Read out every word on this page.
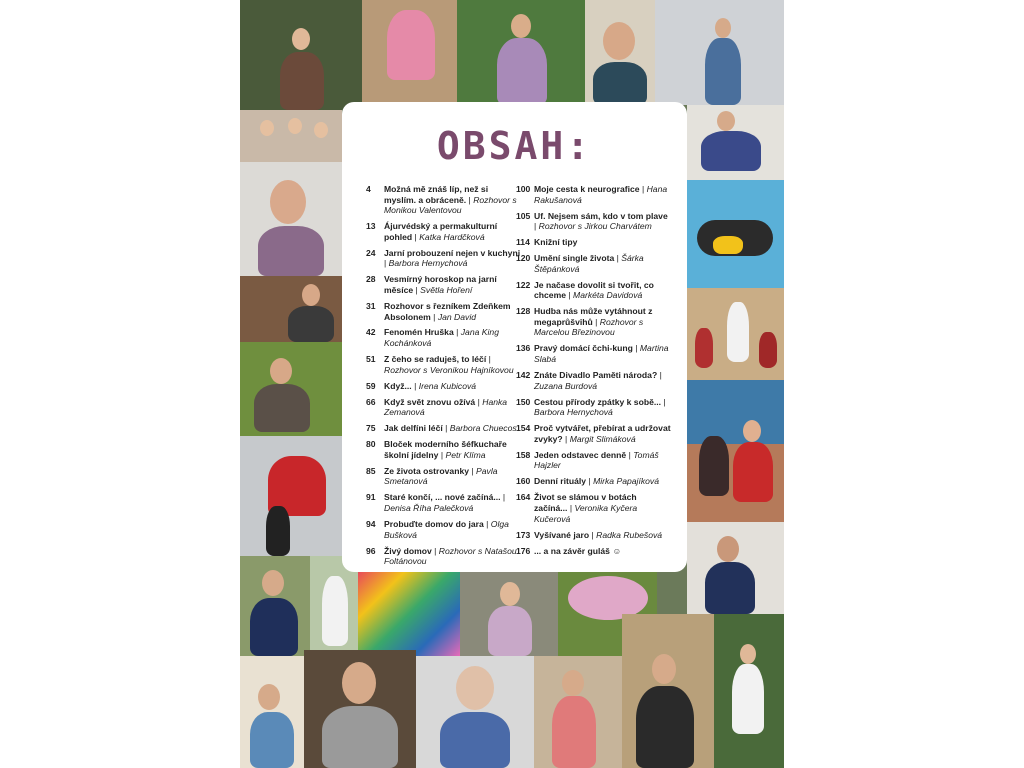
OBSAH:
4	Možná mě znáš líp, než si myslím. a obráceně. | Rozhovor s Monikou Valentovou
13 Ájurvédský a permakulturní pohled | Katka Hardčková
24 Jarní probouzení nejen v kuchyni | Barbora Hernychová
28 Vesmírný horoskop na jarní měsíce | Světla Hoření
31 Rozhovor s řezníkem Zdeňkem Absolonem | Jan David
42 Fenomén Hruška | Jana King Kochánková
51 Z čeho se raduješ, to léčí | Rozhovor s Veronikou Hajníkovou
59 Když... | Irena Kubicová
66 Když svět znovu ožívá | Hanka Zemanová
75 Jak delfíni léčí | Barbora Chuecos
80 Bloček moderního šéfkuchaře školní jídelny | Petr Klíma
85 Ze života ostrovanky | Pavla Smetanová
91 Staré končí, ... nové začíná... | Denisa Říha Palečková
94 Probuďte domov do jara | Olga Bušková
96 Živý domov | Rozhovor s Natašou Foltánovou
100 Moje cesta k neurografice | Hana Rakušanová
105 Uf. Nejsem sám, kdo v tom plave | Rozhovor s Jirkou Charvátem
114 Knižní tipy
120 Umění single života | Šárka Štěpánková
122 Je načase dovolit si tvořit, co chceme | Markéta Davidová
128 Hudba nás může vytáhnout z megaprůšvihů | Rozhovor s Marcelou Březinovou
136 Pravý domácí čchi-kung | Martina Slabá
142 Znáte Divadlo Paměti národa? | Zuzana Burdová
150 Cestou přírody zpátky k sobě... | Barbora Hernychová
154 Proč vytvářet, přebírat a udržovat zvyky? | Margit Slimáková
158 Jeden odstavec denně | Tomáš Hajzler
160 Denní rituály | Mirka Papajíková
164 Život se slámou v botách začíná... | Veronika Kyčera Kučerová
173 Vyšívané jaro | Radka Rubešová
176 ... a na závěr guláš ☺
